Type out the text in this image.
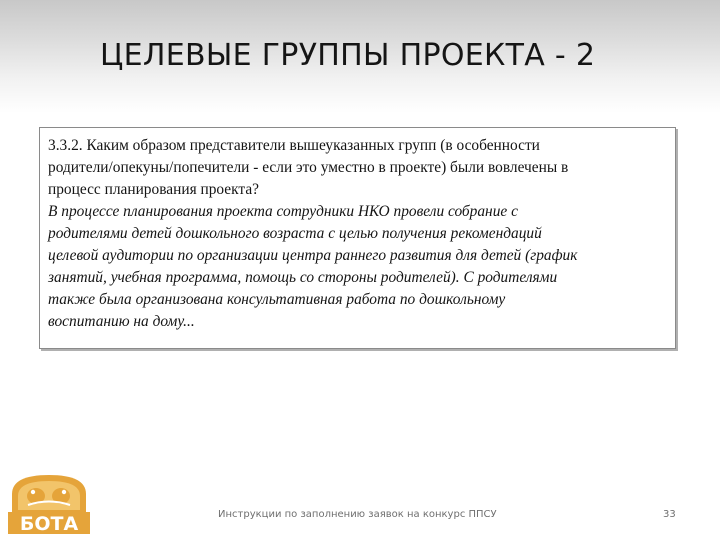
ЦЕЛЕВЫЕ ГРУППЫ ПРОЕКТА - 2
3.3.2. Каким образом представители вышеуказанных групп (в особенности
родители/опекуны/попечители - если это уместно в проекте) были вовлечены в
процесс планирования проекта?
В процессе планирования проекта сотрудники НКО провели собрание с
родителями детей дошкольного возраста с целью получения рекомендаций
целевой аудитории по организации центра раннего развития для детей (график
занятий, учебная программа, помощь со стороны родителей). С родителями
также была организована консультативная работа по дошкольному
воспитанию на дому...
БОТА	Инструкции по заполнению заявок на конкурс ППСУ	33
